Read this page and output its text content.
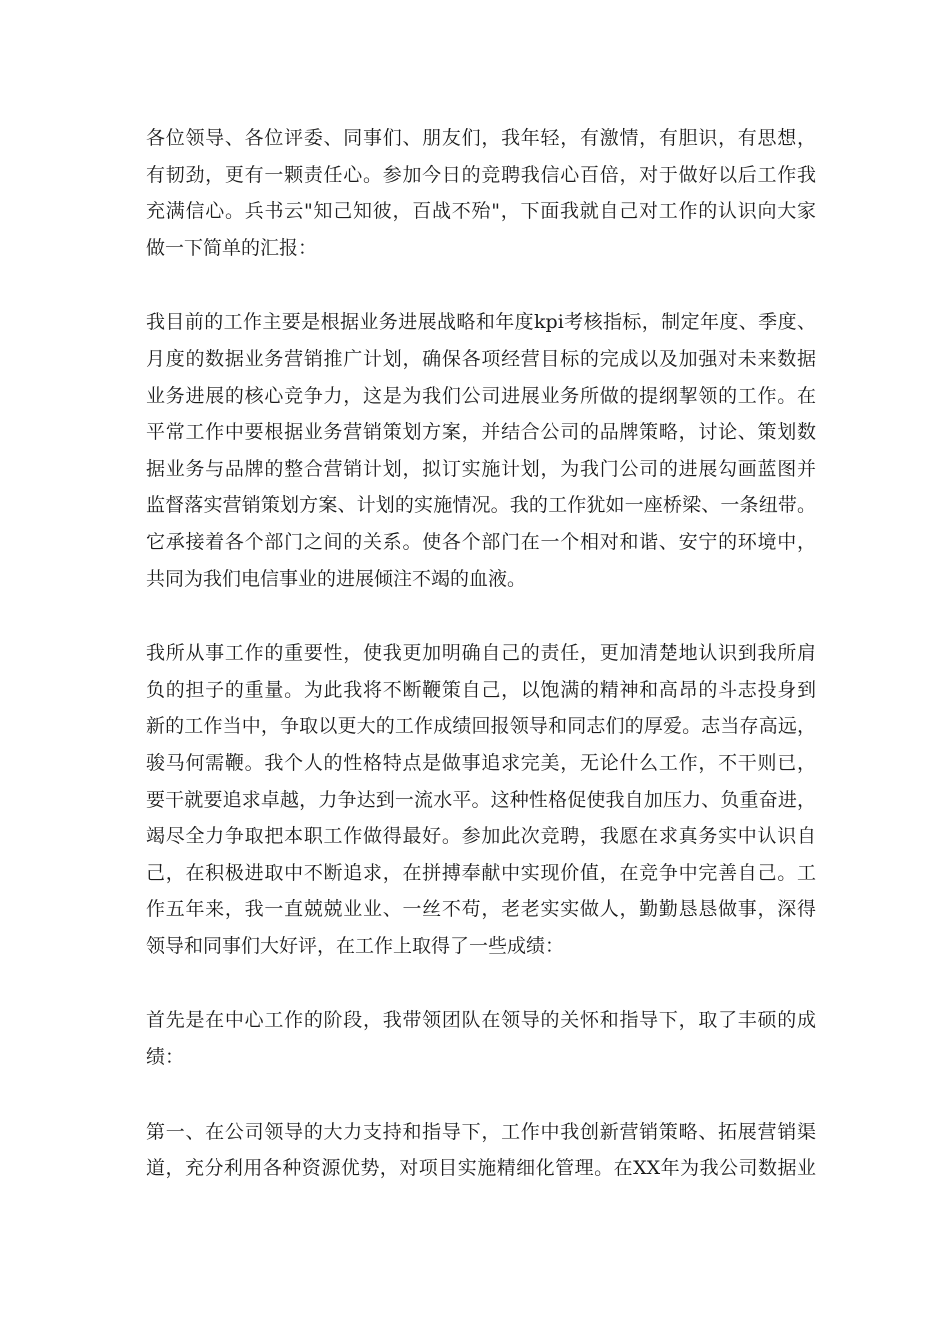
各位领导、各位评委、同事们、朋友们，我年轻，有激情，有胆识，有思想，
有韧劲，更有一颗责任心。参加今日的竞聘我信心百倍，对于做好以后工作我
充满信心。兵书云"知己知彼，百战不殆"，下面我就自己对工作的认识向大家
做一下简单的汇报：
我目前的工作主要是根据业务进展战略和年度kpi考核指标，制定年度、季度、
月度的数据业务营销推广计划，确保各项经营目标的完成以及加强对未来数据
业务进展的核心竞争力，这是为我们公司进展业务所做的提纲挈领的工作。在
平常工作中要根据业务营销策划方案，并结合公司的品牌策略，讨论、策划数
据业务与品牌的整合营销计划，拟订实施计划，为我门公司的进展勾画蓝图并
监督落实营销策划方案、计划的实施情况。我的工作犹如一座桥梁、一条纽带。
它承接着各个部门之间的关系。使各个部门在一个相对和谐、安宁的环境中，
共同为我们电信事业的进展倾注不竭的血液。
我所从事工作的重要性，使我更加明确自己的责任，更加清楚地认识到我所肩
负的担子的重量。为此我将不断鞭策自己，以饱满的精神和高昂的斗志投身到
新的工作当中，争取以更大的工作成绩回报领导和同志们的厚爱。志当存高远，
骏马何需鞭。我个人的性格特点是做事追求完美，无论什么工作，不干则已，
要干就要追求卓越，力争达到一流水平。这种性格促使我自加压力、负重奋进，
竭尽全力争取把本职工作做得最好。参加此次竞聘，我愿在求真务实中认识自
己，在积极进取中不断追求，在拼搏奉献中实现价值，在竞争中完善自己。工
作五年来，我一直兢兢业业、一丝不苟，老老实实做人，勤勤恳恳做事，深得
领导和同事们大好评，在工作上取得了一些成绩：
首先是在中心工作的阶段，我带领团队在领导的关怀和指导下，取了丰硕的成
绩：
第一、在公司领导的大力支持和指导下，工作中我创新营销策略、拓展营销渠
道，充分利用各种资源优势，对项目实施精细化管理。在XX年为我公司数据业
